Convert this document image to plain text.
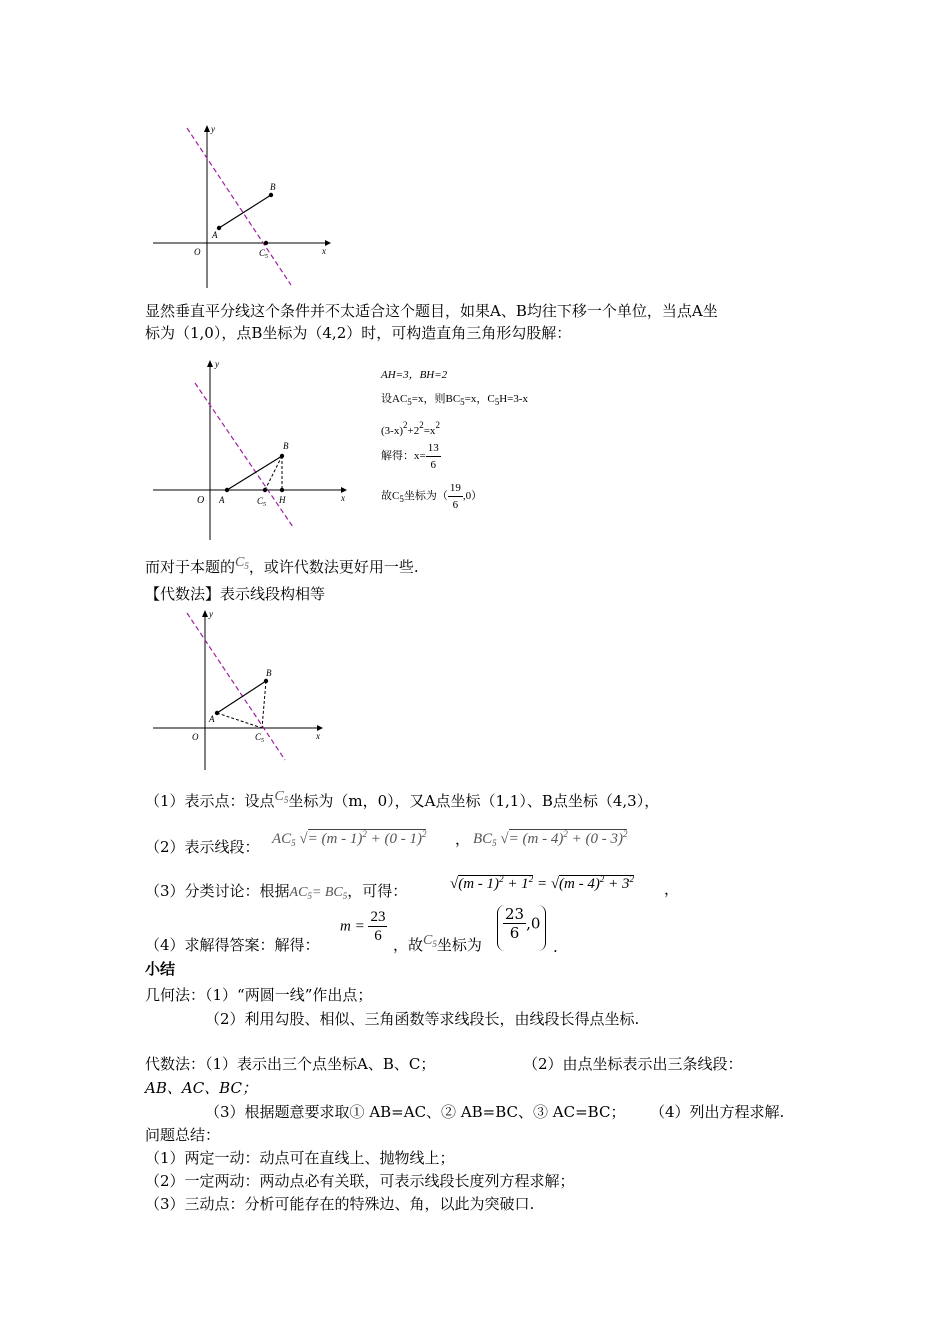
y
x
O
A
B
$C_5$
显然垂直平分线这个条件并不太适合这个题目，如果A、B均往下移一个单位，当点A坐
标为（1,0），点B坐标为（4,2）时，可构造直角三角形勾股解：
y
x
O A
B
$C_5$ H
AH=3，BH=2
设$AC_5=x$，则$BC_5=x$，$C_5H=3-x$
$(3-x)^2+2^2=x^2$
解得：$x= \frac{13}{6}$
故$C_5$坐标为（ $\frac{19}{6} ,0$）
而对于本题的$C_5$，或许代数法更好用一些.
【代数法】表示线段构相等
y
x
O
A
B
$C_5$
（1）表示点：设点$C_5$坐标为（m，0），又A点坐标（1,1）、B点坐标（4,3），
（2）表示线段： $AC_5$ √= (m - 1)$^2$ + (0 - 1)$^2$ ， $BC_5$ √= (m - 4)$^2$ + (0 - 3)$^2$
（3）分类讨论：根据$AC_5= BC_5$，可得：	$√(m - 1)^2 + 1^2 = √(m - 4)^2 + 3^2$
，
（4）求解得答案：解得：
$m = \frac{23}{6}$ ，故$C_5$坐标为
$\frac{23}{6} ,0$
.
小结
几何法：（1）“两圆一线”作出点；
（2）利用勾股、相似、三角函数等求线段长，由线段长得点坐标.
代数法：（1）表示出三个点坐标A、B、C；	（2）由点坐标表示出三条线段：
AB、AC、BC；
（3）根据题意要求取① AB=AC、② AB=BC、③ AC=BC； （4）列出方程求解.
问题总结：
（1）两定一动：动点可在直线上、抛物线上；
（2）一定两动：两动点必有关联，可表示线段长度列方程求解；
（3）三动点：分析可能存在的特殊边、角，以此为突破口.
